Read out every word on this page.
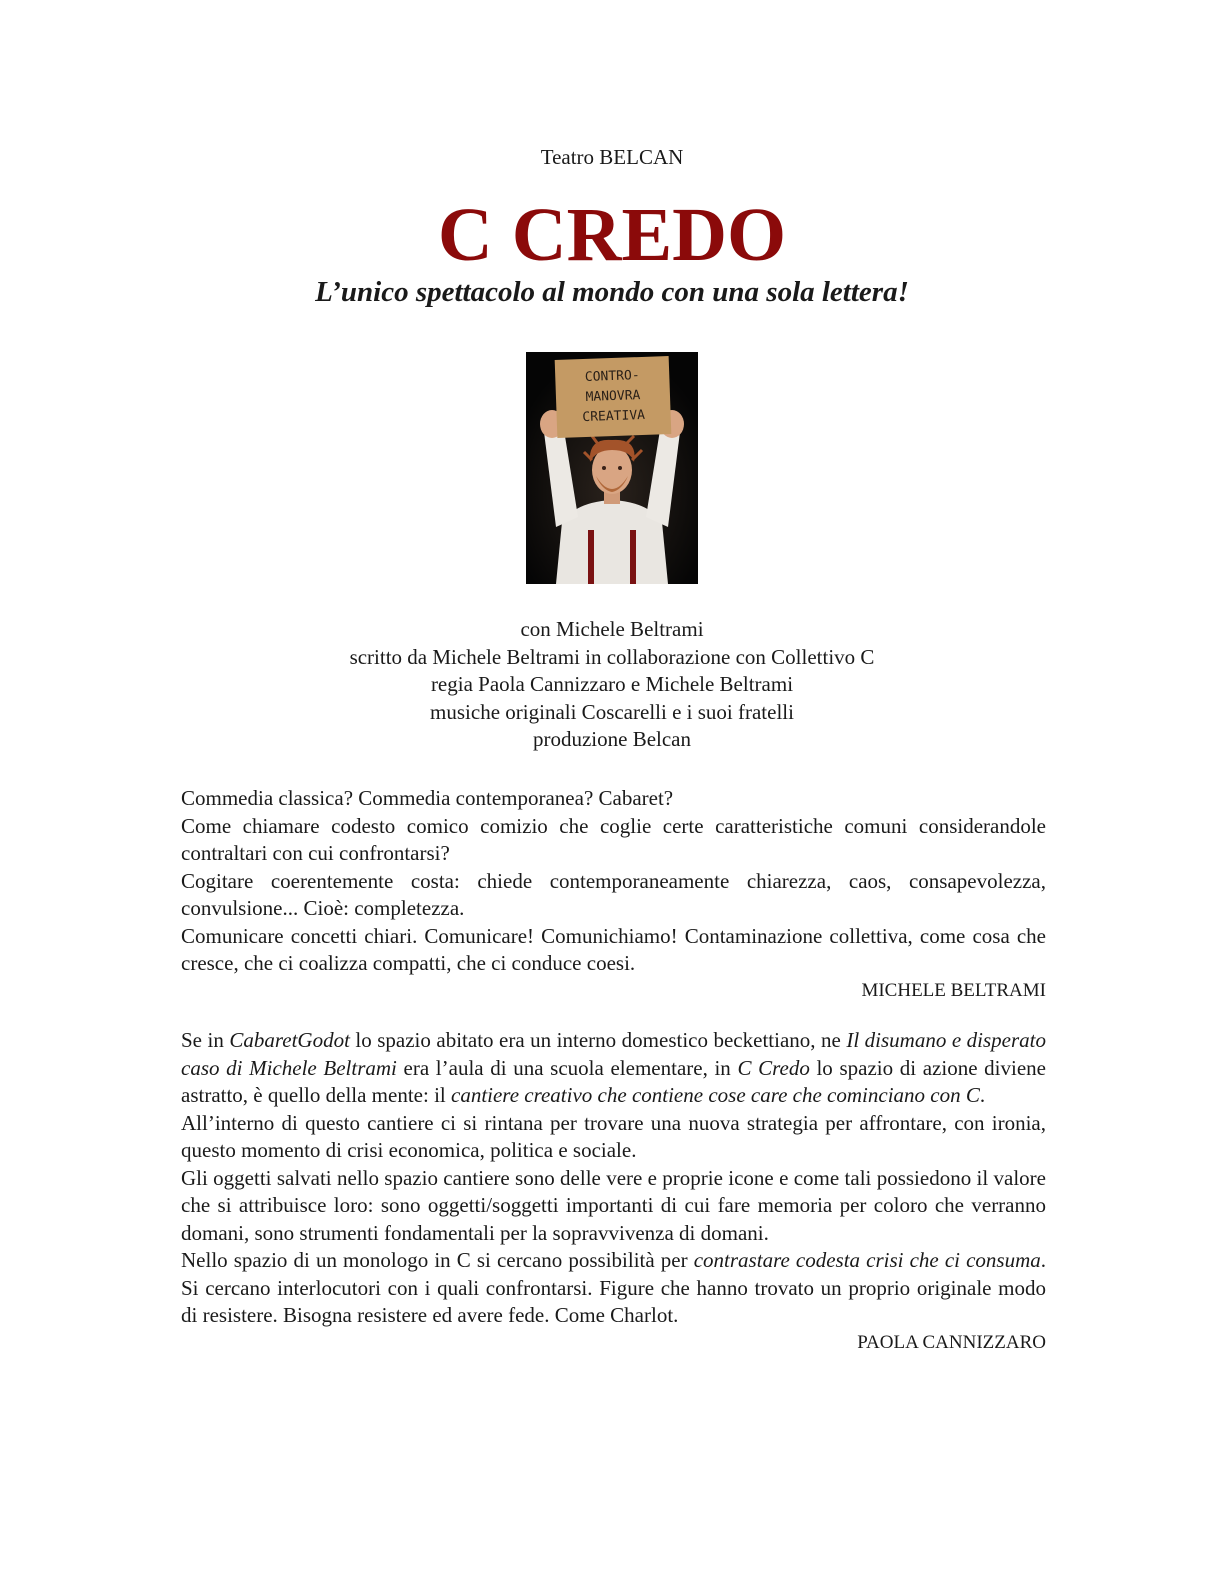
Teatro BELCAN
C CREDO
L’unico spettacolo al mondo con una sola lettera!
CONTRO-
MANOVRA
CREATIVA
con Michele Beltrami
scritto da Michele Beltrami in collaborazione con Collettivo C
regia Paola Cannizzaro e Michele Beltrami
musiche originali Coscarelli e i suoi fratelli
produzione Belcan

Commedia classica? Commedia contemporanea? Cabaret?

Come chiamare codesto comico comizio che coglie certe caratteristiche comuni considerandole contraltari con cui confrontarsi?

Cogitare coerentemente costa: chiede contemporaneamente chiarezza, caos, consapevolezza, convulsione... Cioè: completezza.

Comunicare concetti chiari. Comunicare! Comunichiamo! Contaminazione collettiva, come cosa che cresce, che ci coalizza compatti, che ci conduce coesi.

MICHELE BELTRAMI

Se in CabaretGodot lo spazio abitato era un interno domestico beckettiano, ne Il disumano e disperato caso di Michele Beltrami era l’aula di una scuola elementare, in C Credo lo spazio di azione diviene astratto, è quello della mente: il cantiere creativo che contiene cose care che cominciano con C.

All’interno di questo cantiere ci si rintana per trovare una nuova strategia per affrontare, con ironia, questo momento di crisi economica, politica e sociale.

Gli oggetti salvati nello spazio cantiere sono delle vere e proprie icone e come tali possiedono il valore che si attribuisce loro: sono oggetti/soggetti importanti di cui fare memoria per coloro che verranno domani, sono strumenti fondamentali per la sopravvivenza di domani.

Nello spazio di un monologo in C si cercano possibilità per contrastare codesta crisi che ci consuma. Si cercano interlocutori con i quali confrontarsi. Figure che hanno trovato un proprio originale modo di resistere. Bisogna resistere ed avere fede. Come Charlot.

PAOLA CANNIZZARO
